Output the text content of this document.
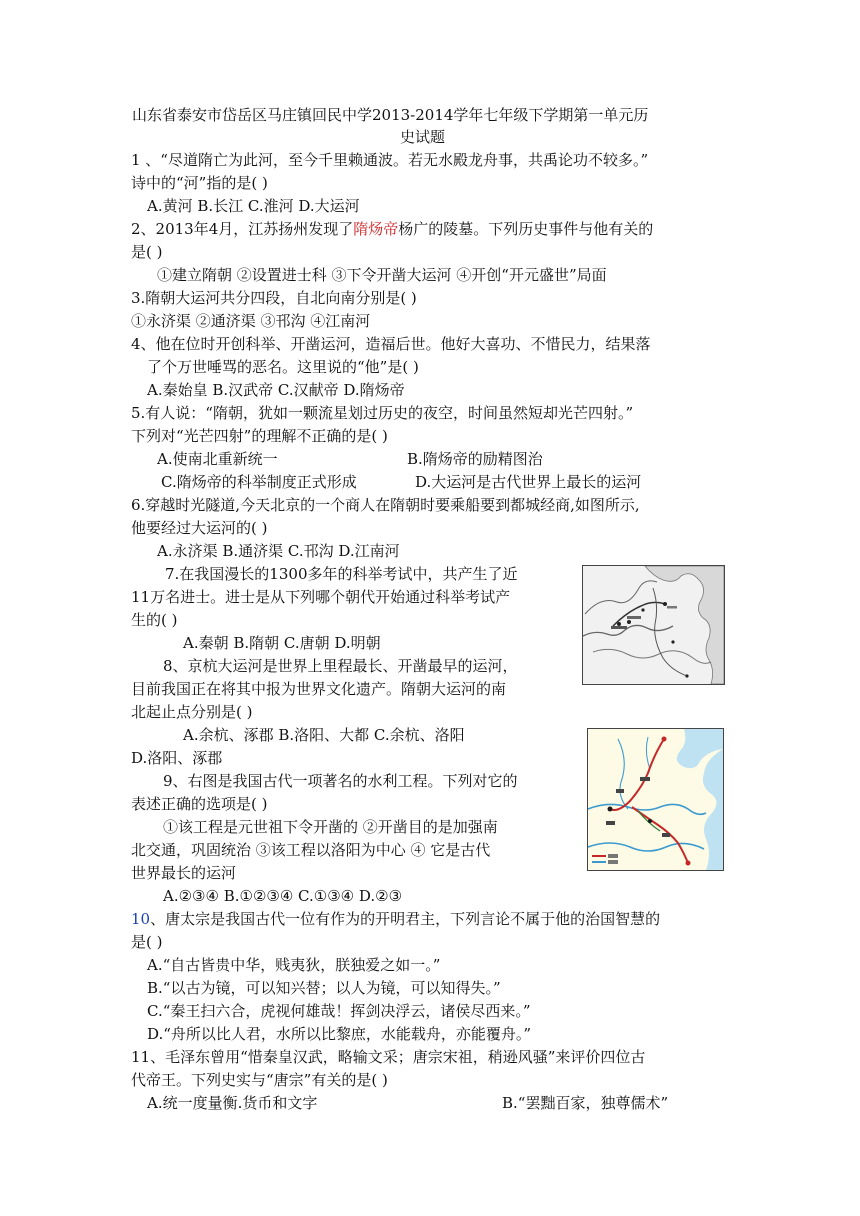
山东省泰安市岱岳区马庄镇回民中学2013-2014学年七年级下学期第一单元历
史试题
1 、“尽道隋亡为此河，至今千里赖通波。若无水殿龙舟事，共禹论功不较多。”
诗中的“河”指的是( )
A.黄河 B.长江 C.淮河 D.大运河
2、2013年4月，江苏扬州发现了隋炀帝杨广的陵墓。下列历史事件与他有关的
是( )
①建立隋朝 ②设置进士科 ③下令开凿大运河 ④开创“开元盛世”局面
3.隋朝大运河共分四段，自北向南分别是( )
①永济渠 ②通济渠 ③邗沟 ④江南河
4、他在位时开创科举、开凿运河，造福后世。他好大喜功、不惜民力，结果落
了个万世唾骂的恶名。这里说的“他”是( )
A.秦始皇 B.汉武帝 C.汉献帝 D.隋炀帝
5.有人说：“隋朝，犹如一颗流星划过历史的夜空，时间虽然短却光芒四射。”
下列对“光芒四射”的理解不正确的是( )
A.使南北重新统一	B.隋炀帝的励精图治
C.隋炀帝的科举制度正式形成	D.大运河是古代世界上最长的运河
6.穿越时光隧道,今天北京的一个商人在隋朝时要乘船要到都城经商,如图所示,
他要经过大运河的( )
A.永济渠 B.通济渠 C.邗沟 D.江南河
7.在我国漫长的1300多年的科举考试中，共产生了近
11万名进士。进士是从下列哪个朝代开始通过科举考试产
生的( )
A.秦朝 B.隋朝 C.唐朝 D.明朝
8、京杭大运河是世界上里程最长、开凿最早的运河，
目前我国正在将其中报为世界文化遗产。隋朝大运河的南
北起止点分别是( )
A.余杭、涿郡 B.洛阳、大都 C.余杭、洛阳
D.洛阳、涿郡
9、右图是我国古代一项著名的水利工程。下列对它的
表述正确的选项是( )
①该工程是元世祖下令开凿的 ②开凿目的是加强南
北交通，巩固统治 ③该工程以洛阳为中心 ④ 它是古代
世界最长的运河
A.②③④ B.①②③④ C.①③④ D.②③
10、唐太宗是我国古代一位有作为的开明君主，下列言论不属于他的治国智慧的
是( )
A.“自古皆贵中华，贱夷狄，朕独爱之如一。”
B.“以古为镜，可以知兴替；以人为镜，可以知得失。”
C.“秦王扫六合，虎视何雄哉！挥剑决浮云，诸侯尽西来。”
D.“舟所以比人君，水所以比黎庶，水能载舟，亦能覆舟。”
11、毛泽东曾用“惜秦皇汉武，略输文采；唐宗宋祖，稍逊风骚”来评价四位古
代帝王。下列史实与“唐宗”有关的是( )
A.统一度量衡.货币和文字	B.“罢黜百家，独尊儒术”
